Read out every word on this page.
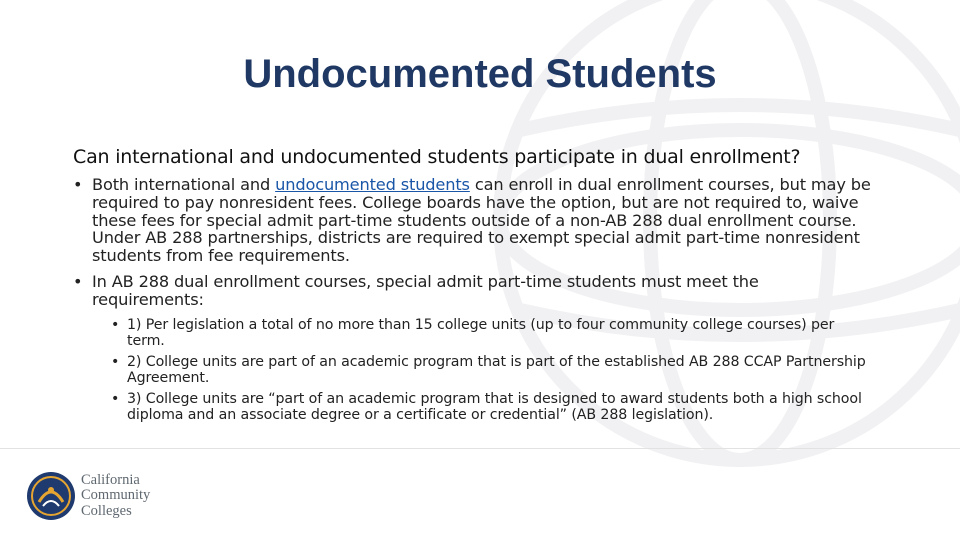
Undocumented Students
Can international and undocumented students participate in dual enrollment?
• Both international and undocumented students can enroll in dual enrollment courses, but may be required to pay nonresident fees. College boards have the option, but are not required to, waive these fees for special admit part-time students outside of a non-AB 288 dual enrollment course. Under AB 288 partnerships, districts are required to exempt special admit part-time nonresident students from fee requirements.
• In AB 288 dual enrollment courses, special admit part-time students must meet the requirements:
• 1) Per legislation a total of no more than 15 college units (up to four community college courses) per term.
• 2) College units are part of an academic program that is part of the established AB 288 CCAP Partnership Agreement.
• 3) College units are “part of an academic program that is designed to award students both a high school diploma and an associate degree or a certificate or credential” (AB 288 legislation).
California
Community
Colleges
